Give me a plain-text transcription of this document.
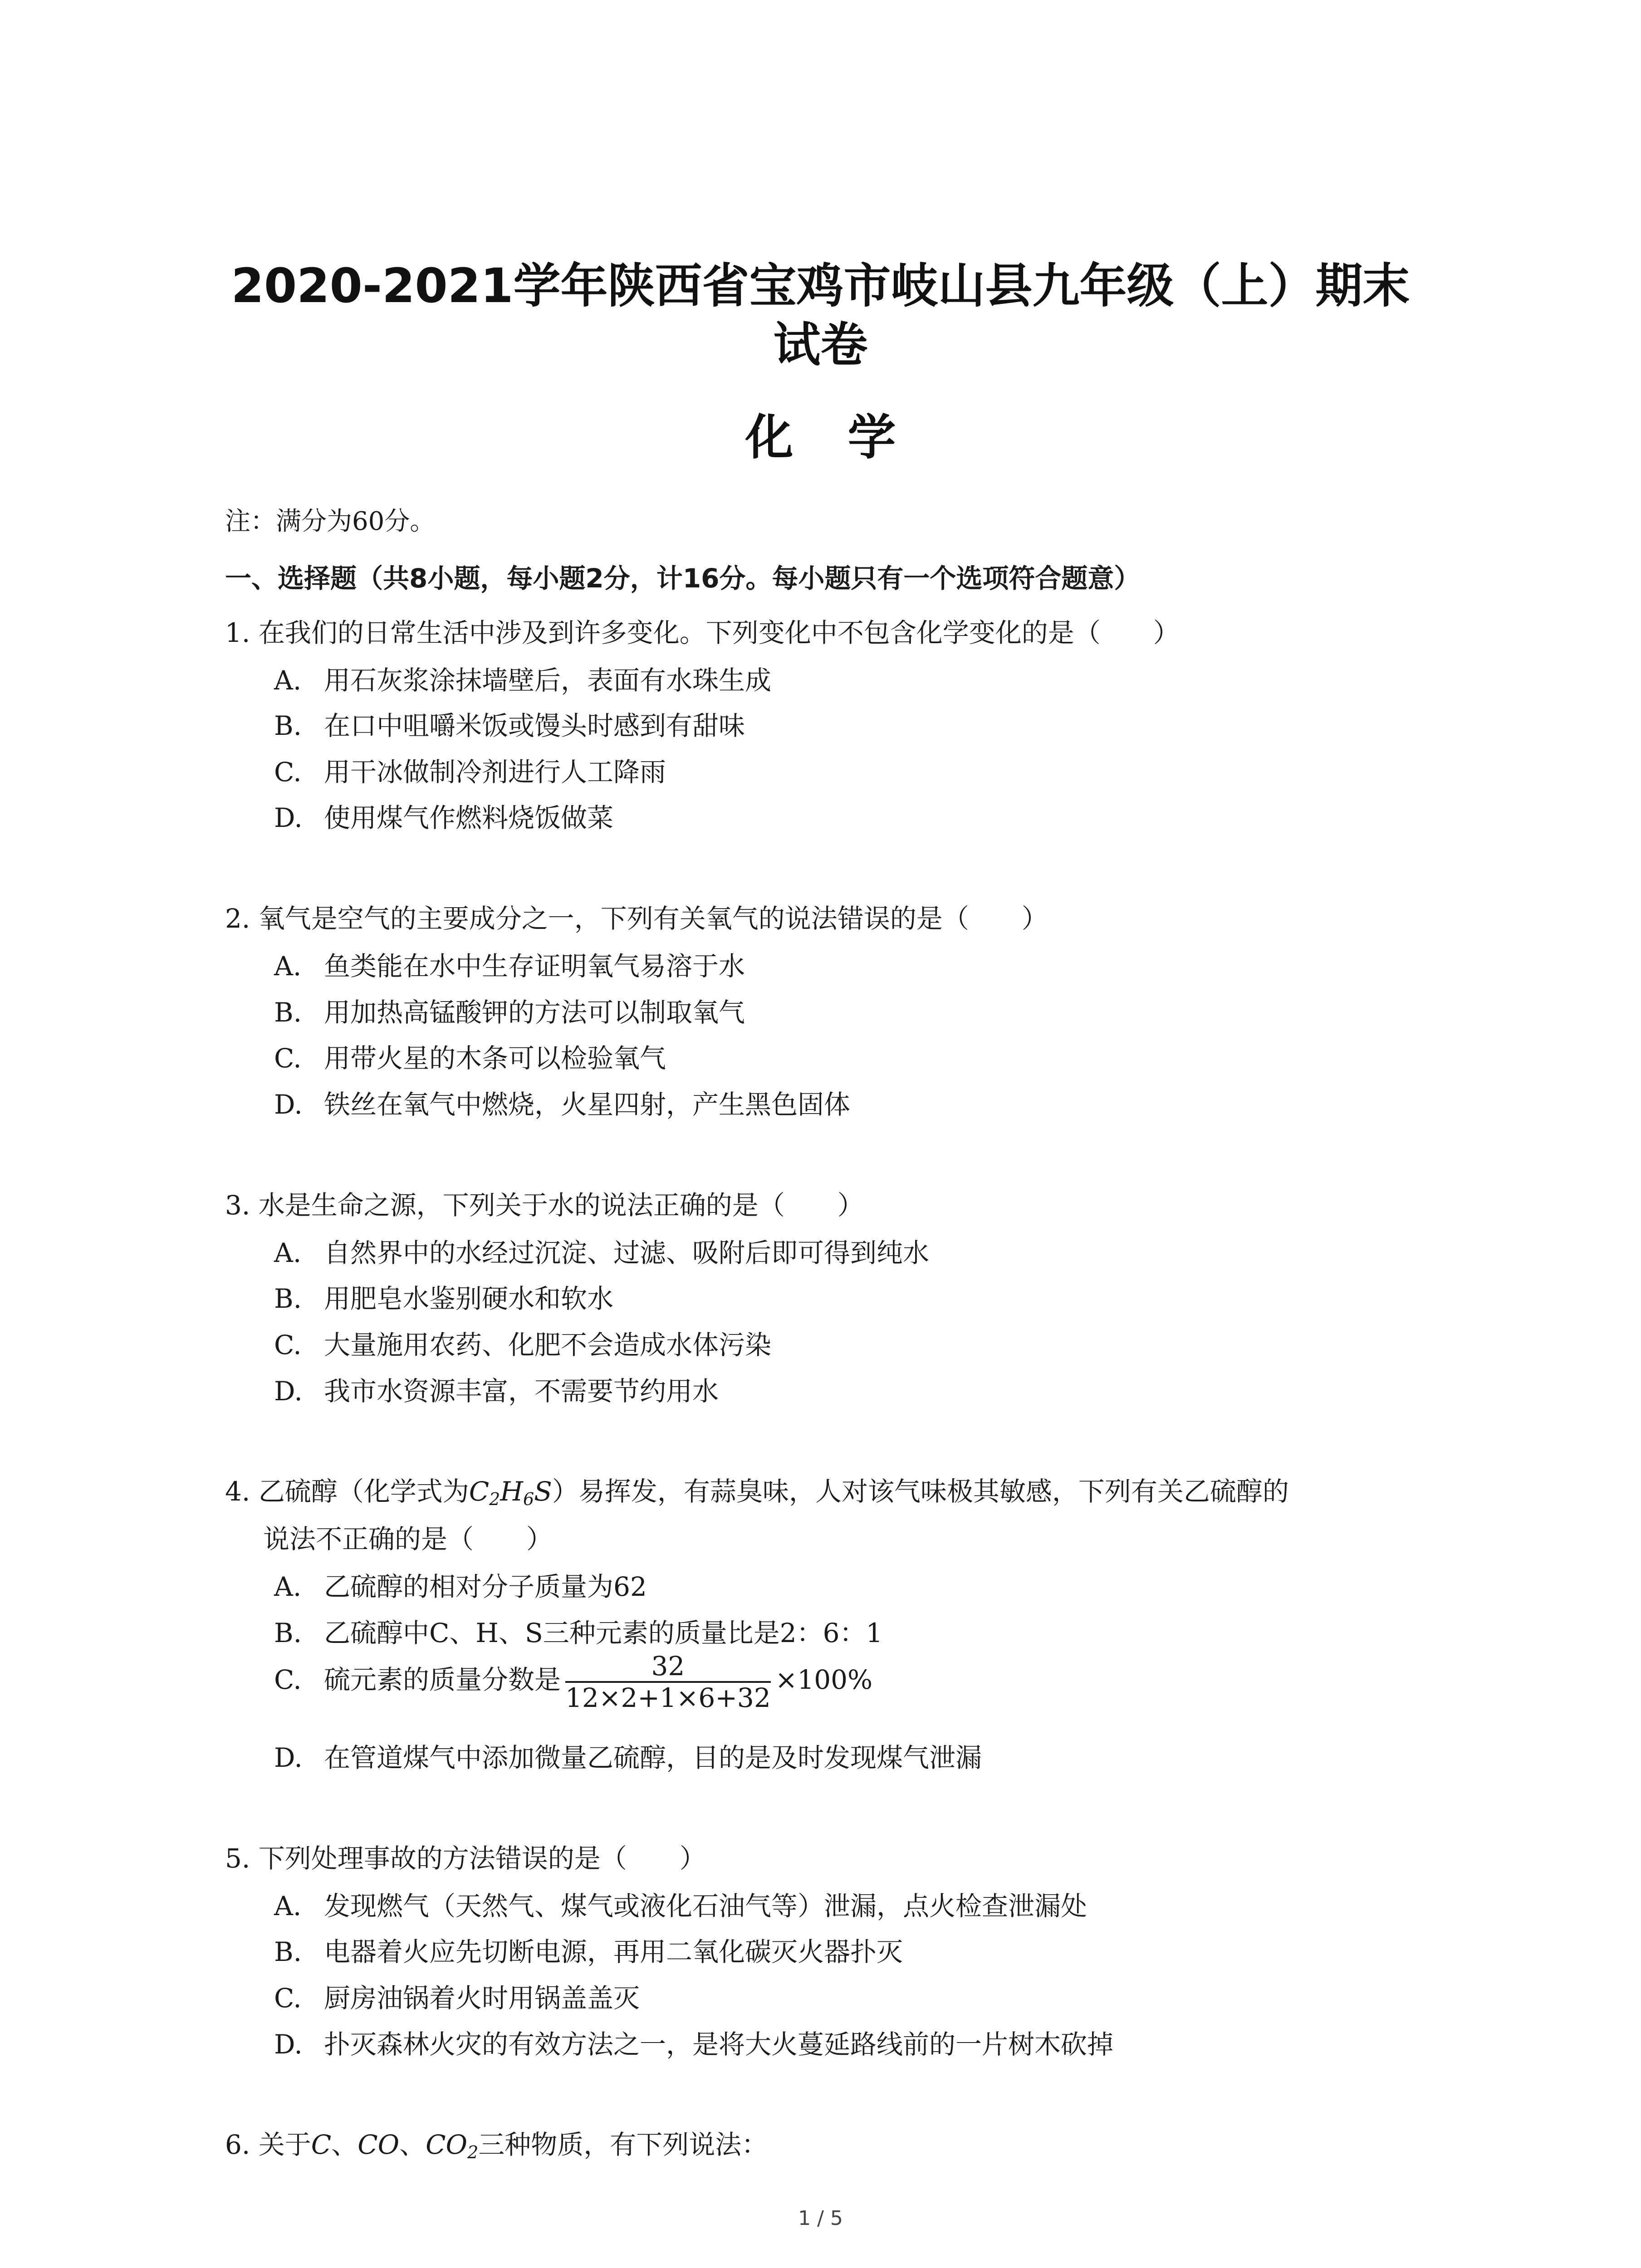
2020-2021学年陕西省宝鸡市岐山县九年级（上）期末
试卷
化学
注：满分为60分。
一、选择题（共8小题，每小题2分，计16分。每小题只有一个选项符合题意）
1. 在我们的日常生活中涉及到许多变化。下列变化中不包含化学变化的是（　　）
A. 用石灰浆涂抹墙壁后，表面有水珠生成
B. 在口中咀嚼米饭或馒头时感到有甜味
C. 用干冰做制冷剂进行人工降雨
D. 使用煤气作燃料烧饭做菜
2. 氧气是空气的主要成分之一，下列有关氧气的说法错误的是（　　）
A. 鱼类能在水中生存证明氧气易溶于水
B. 用加热高锰酸钾的方法可以制取氧气
C. 用带火星的木条可以检验氧气
D. 铁丝在氧气中燃烧，火星四射，产生黑色固体
3. 水是生命之源，下列关于水的说法正确的是（　　）
A. 自然界中的水经过沉淀、过滤、吸附后即可得到纯水
B. 用肥皂水鉴别硬水和软水
C. 大量施用农药、化肥不会造成水体污染
D. 我市水资源丰富，不需要节约用水
4. 乙硫醇（化学式为$C_2H_6S$）易挥发，有蒜臭味，人对该气味极其敏感，下列有关乙硫醇的
说法不正确的是（　　）
A. 乙硫醇的相对分子质量为62
B. 乙硫醇中C、H、S三种元素的质量比是2：6：1
C. 硫元素的质量分数是 $\frac{32}{12\times 2+1\times 6+32} \times 100\%$
D. 在管道煤气中添加微量乙硫醇，目的是及时发现煤气泄漏
5. 下列处理事故的方法错误的是（　　）
A. 发现燃气（天然气、煤气或液化石油气等）泄漏，点火检查泄漏处
B. 电器着火应先切断电源，再用二氧化碳灭火器扑灭
C. 厨房油锅着火时用锅盖盖灭
D. 扑灭森林火灾的有效方法之一，是将大火蔓延路线前的一片树木砍掉
6. 关于C、CO、$CO_2$三种物质，有下列说法：
1 / 5
